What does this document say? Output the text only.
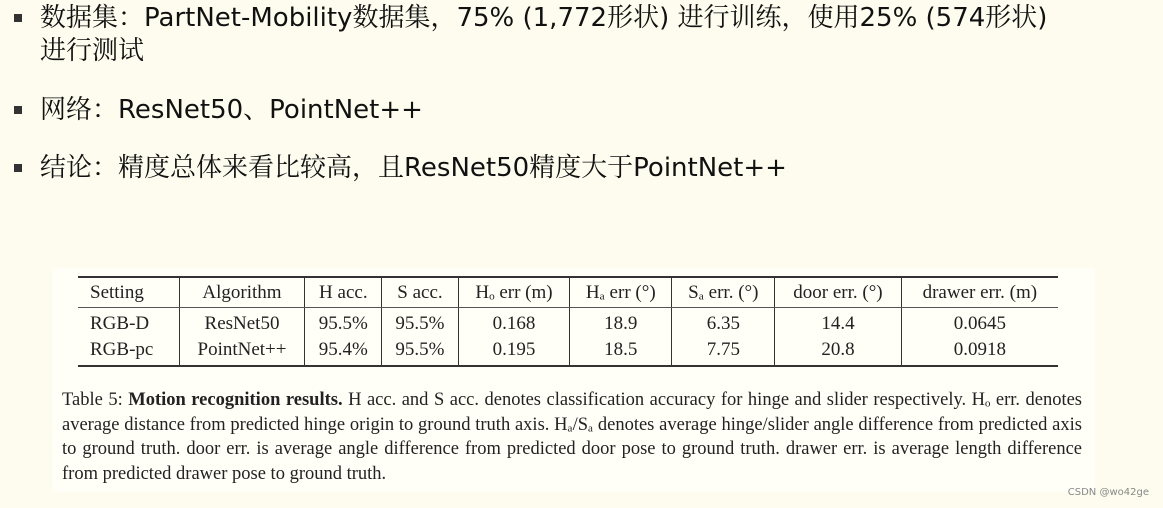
数据集：PartNet-Mobility数据集，75% (1,772形状) 进行训练，使用25% (574形状)
进行测试
网络：ResNet50、PointNet++
结论：精度总体来看比较高，且ResNet50精度大于PointNet++
Setting	Algorithm	H acc.	S acc.	Hₒ err (m)	Hₐ err (°)	Sₐ err. (°)	door err. (°)	drawer err. (m)
RGB-D	ResNet50	95.5%	95.5%	0.168	18.9	6.35	14.4	0.0645
RGB-pc	PointNet++	95.4%	95.5%	0.195	18.5	7.75	20.8	0.0918
Table 5: Motion recognition results. H acc. and S acc. denotes classification accuracy for hinge and slider respectively. Hₒ err. denotes average distance from predicted hinge origin to ground truth axis. Hₐ/Sₐ denotes average hinge/slider angle difference from predicted axis to ground truth. door err. is average angle difference from predicted door pose to ground truth. drawer err. is average length difference from predicted drawer pose to ground truth.
CSDN @wo42ge
